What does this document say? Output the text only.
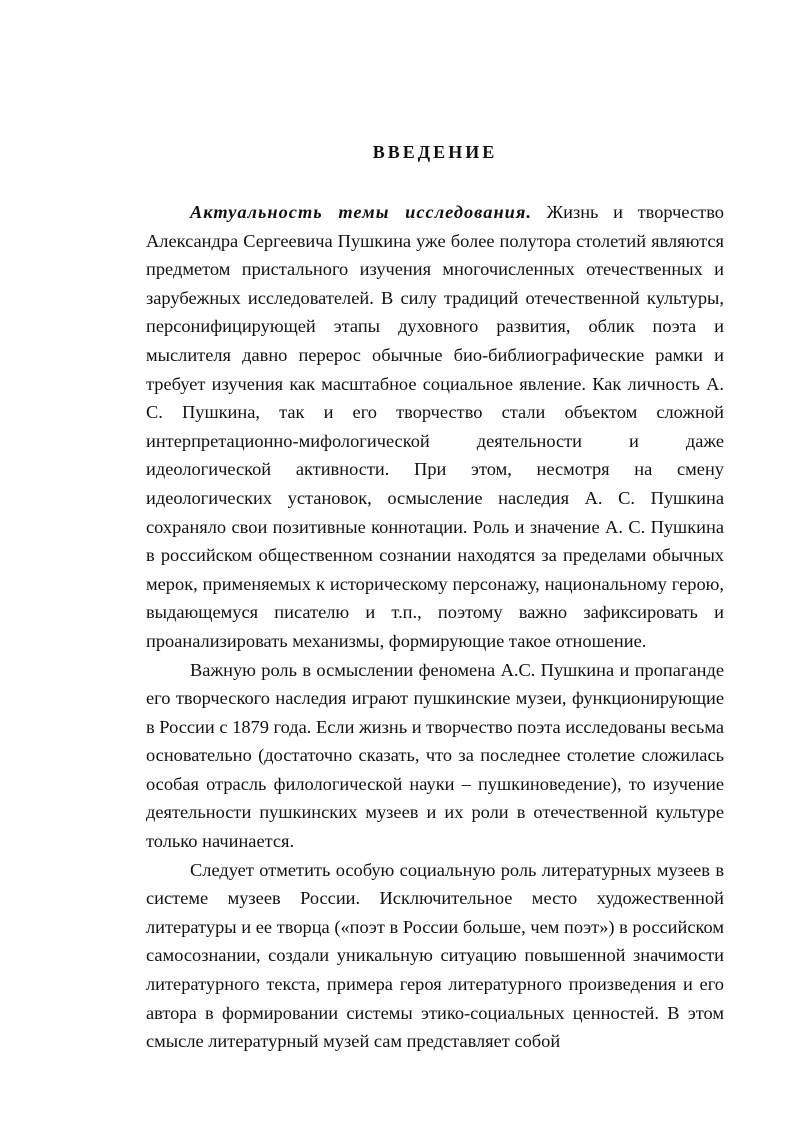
ВВЕДЕНИЕ

Актуальность темы исследования. Жизнь и творчество Александра Сергеевича Пушкина уже более полутора столетий являются предметом пристального изучения многочисленных отечественных и зарубежных исследователей. В силу традиций отечественной культуры, персонифицирующей этапы духовного развития, облик поэта и мыслителя давно перерос обычные био-библиографические рамки и требует изучения как масштабное социальное явление. Как личность А. С. Пушкина, так и его творчество стали объектом сложной интерпретационно-мифологической деятельности и даже идеологической активности. При этом, несмотря на смену идеологических установок, осмысление наследия А. С. Пушкина сохраняло свои позитивные коннотации. Роль и значение А. С. Пушкина в российском общественном сознании находятся за пределами обычных мерок, применяемых к историческому персонажу, национальному герою, выдающемуся писателю и т.п., поэтому важно зафиксировать и проанализировать механизмы, формирующие такое отношение.

Важную роль в осмыслении феномена А.С. Пушкина и пропаганде его творческого наследия играют пушкинские музеи, функционирующие в России с 1879 года. Если жизнь и творчество поэта исследованы весьма основательно (достаточно сказать, что за последнее столетие сложилась особая отрасль филологической науки – пушкиноведение), то изучение деятельности пушкинских музеев и их роли в отечественной культуре только начинается.

Следует отметить особую социальную роль литературных музеев в системе музеев России. Исключительное место художественной литературы и ее творца («поэт в России больше, чем поэт») в российском самосознании, создали уникальную ситуацию повышенной значимости литературного текста, примера героя литературного произведения и его автора в формировании системы этико-социальных ценностей. В этом смысле литературный музей сам представляет собой
